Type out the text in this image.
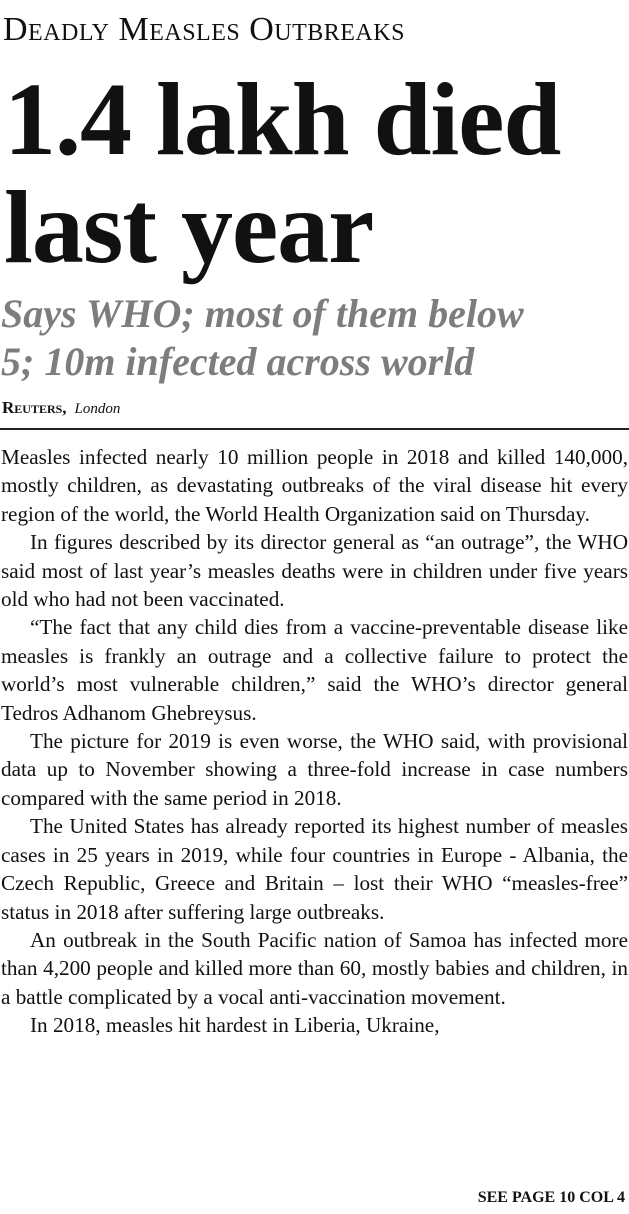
Deadly Measles Outbreaks
1.4 lakh died
last year
Says WHO; most of them below
5; 10m infected across world
Reuters, London

Measles infected nearly 10 million people in 2018 and killed 140,000, mostly children, as devastating outbreaks of the viral disease hit every region of the world, the World Health Organization said on Thursday.

In figures described by its director general as “an outrage”, the WHO said most of last year’s measles deaths were in children under five years old who had not been vaccinated.

“The fact that any child dies from a vaccine-preventable disease like measles is frankly an outrage and a collective failure to protect the world’s most vulnerable children,” said the WHO’s director general Tedros Adhanom Ghebreysus.

The picture for 2019 is even worse, the WHO said, with provisional data up to November showing a three-fold increase in case numbers compared with the same period in 2018.

The United States has already reported its highest number of measles cases in 25 years in 2019, while four countries in Europe - Albania, the Czech Republic, Greece and Britain – lost their WHO “measles-free” status in 2018 after suffering large outbreaks.

An outbreak in the South Pacific nation of Samoa has infected more than 4,200 people and killed more than 60, mostly babies and children, in a battle complicated by a vocal anti-vaccination movement.

In 2018, measles hit hardest in Liberia, Ukraine,

SEE PAGE 10 COL 4
